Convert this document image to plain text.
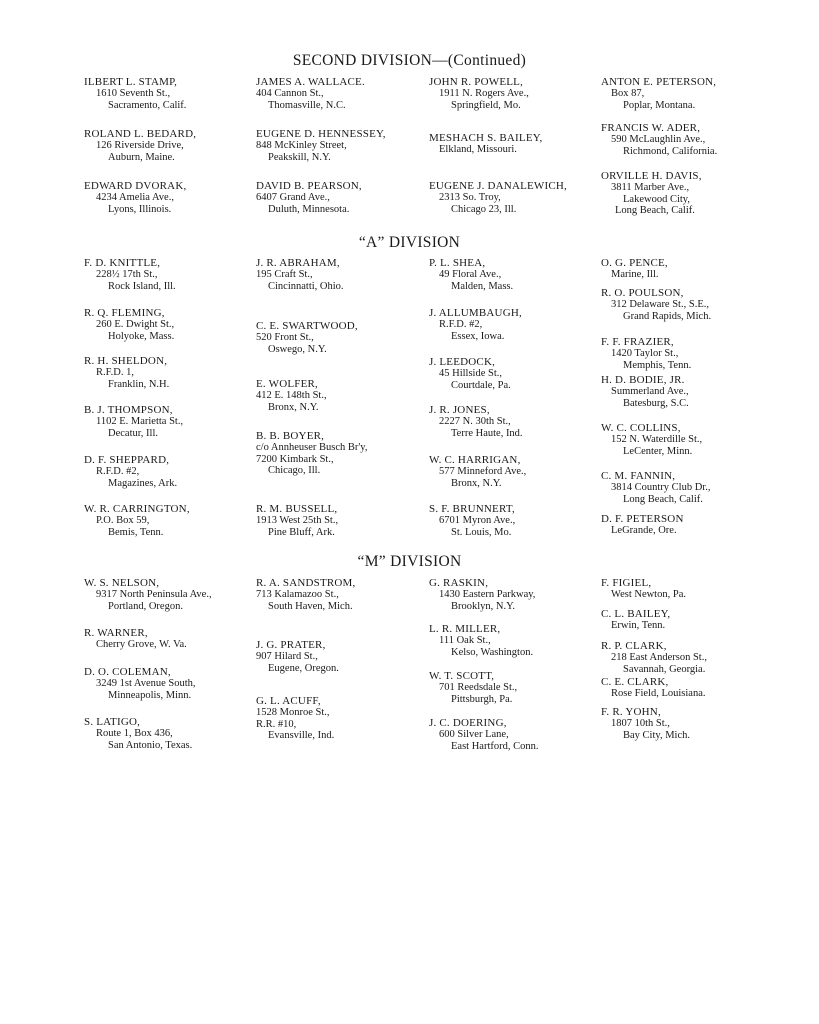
SECOND DIVISION—(Continued)
“A” DIVISION
“M” DIVISION
ILBERT L. STAMP,
1610 Seventh St.,
Sacramento, Calif.
ROLAND L. BEDARD,
126 Riverside Drive,
Auburn, Maine.
EDWARD DVORAK,
4234 Amelia Ave.,
Lyons, Illinois.
JAMES A. WALLACE.
404 Cannon St.,
Thomasville, N.C.
EUGENE D. HENNESSEY,
848 McKinley Street,
Peakskill, N.Y.
DAVID B. PEARSON,
6407 Grand Ave.,
Duluth, Minnesota.
JOHN R. POWELL,
1911 N. Rogers Ave.,
Springfield, Mo.
MESHACH S. BAILEY,
Elkland, Missouri.
EUGENE J. DANALEWICH,
2313 So. Troy,
Chicago 23, Ill.
ANTON E. PETERSON,
Box 87,
Poplar, Montana.
FRANCIS W. ADER,
590 McLaughlin Ave.,
Richmond, California.
ORVILLE H. DAVIS,
3811 Marber Ave.,
Lakewood City,
Long Beach, Calif.
F. D. KNITTLE,
228½ 17th St.,
Rock Island, Ill.
R. Q. FLEMING,
260 E. Dwight St.,
Holyoke, Mass.
R. H. SHELDON,
R.F.D. 1,
Franklin, N.H.
B. J. THOMPSON,
1102 E. Marietta St.,
Decatur, Ill.
D. F. SHEPPARD,
R.F.D. #2,
Magazines, Ark.
W. R. CARRINGTON,
P.O. Box 59,
Bemis, Tenn.
J. R. ABRAHAM,
195 Craft St.,
Cincinnatti, Ohio.
C. E. SWARTWOOD,
520 Front St.,
Oswego, N.Y.
E. WOLFER,
412 E. 148th St.,
Bronx, N.Y.
B. B. BOYER,
c/o Annheuser Busch Br'y,
7200 Kimbark St.,
Chicago, Ill.
R. M. BUSSELL,
1913 West 25th St.,
Pine Bluff, Ark.
P. L. SHEA,
49 Floral Ave.,
Malden, Mass.
J. ALLUMBAUGH,
R.F.D. #2,
Essex, Iowa.
J. LEEDOCK,
45 Hillside St.,
Courtdale, Pa.
J. R. JONES,
2227 N. 30th St.,
Terre Haute, Ind.
W. C. HARRIGAN,
577 Minneford Ave.,
Bronx, N.Y.
S. F. BRUNNERT,
6701 Myron Ave.,
St. Louis, Mo.
O. G. PENCE,
Marine, Ill.
R. O. POULSON,
312 Delaware St., S.E.,
Grand Rapids, Mich.
F. F. FRAZIER,
1420 Taylor St.,
Memphis, Tenn.
H. D. BODIE, JR.
Summerland Ave.,
Batesburg, S.C.
W. C. COLLINS,
152 N. Waterdille St.,
LeCenter, Minn.
C. M. FANNIN,
3814 Country Club Dr.,
Long Beach, Calif.
D. F. PETERSON
LeGrande, Ore.
W. S. NELSON,
9317 North Peninsula Ave.,
Portland, Oregon.
R. WARNER,
Cherry Grove, W. Va.
D. O. COLEMAN,
3249 1st Avenue South,
Minneapolis, Minn.
S. LATIGO,
Route 1, Box 436,
San Antonio, Texas.
R. A. SANDSTROM,
713 Kalamazoo St.,
South Haven, Mich.
J. G. PRATER,
907 Hilard St.,
Eugene, Oregon.
G. L. ACUFF,
1528 Monroe St.,
R.R. #10,
Evansville, Ind.
G. RASKIN,
1430 Eastern Parkway,
Brooklyn, N.Y.
L. R. MILLER,
111 Oak St.,
Kelso, Washington.
W. T. SCOTT,
701 Reedsdale St.,
Pittsburgh, Pa.
J. C. DOERING,
600 Silver Lane,
East Hartford, Conn.
F. FIGIEL,
West Newton, Pa.
C. L. BAILEY,
Erwin, Tenn.
R. P. CLARK,
218 East Anderson St.,
Savannah, Georgia.
C. E. CLARK,
Rose Field, Louisiana.
F. R. YOHN,
1807 10th St.,
Bay City, Mich.
